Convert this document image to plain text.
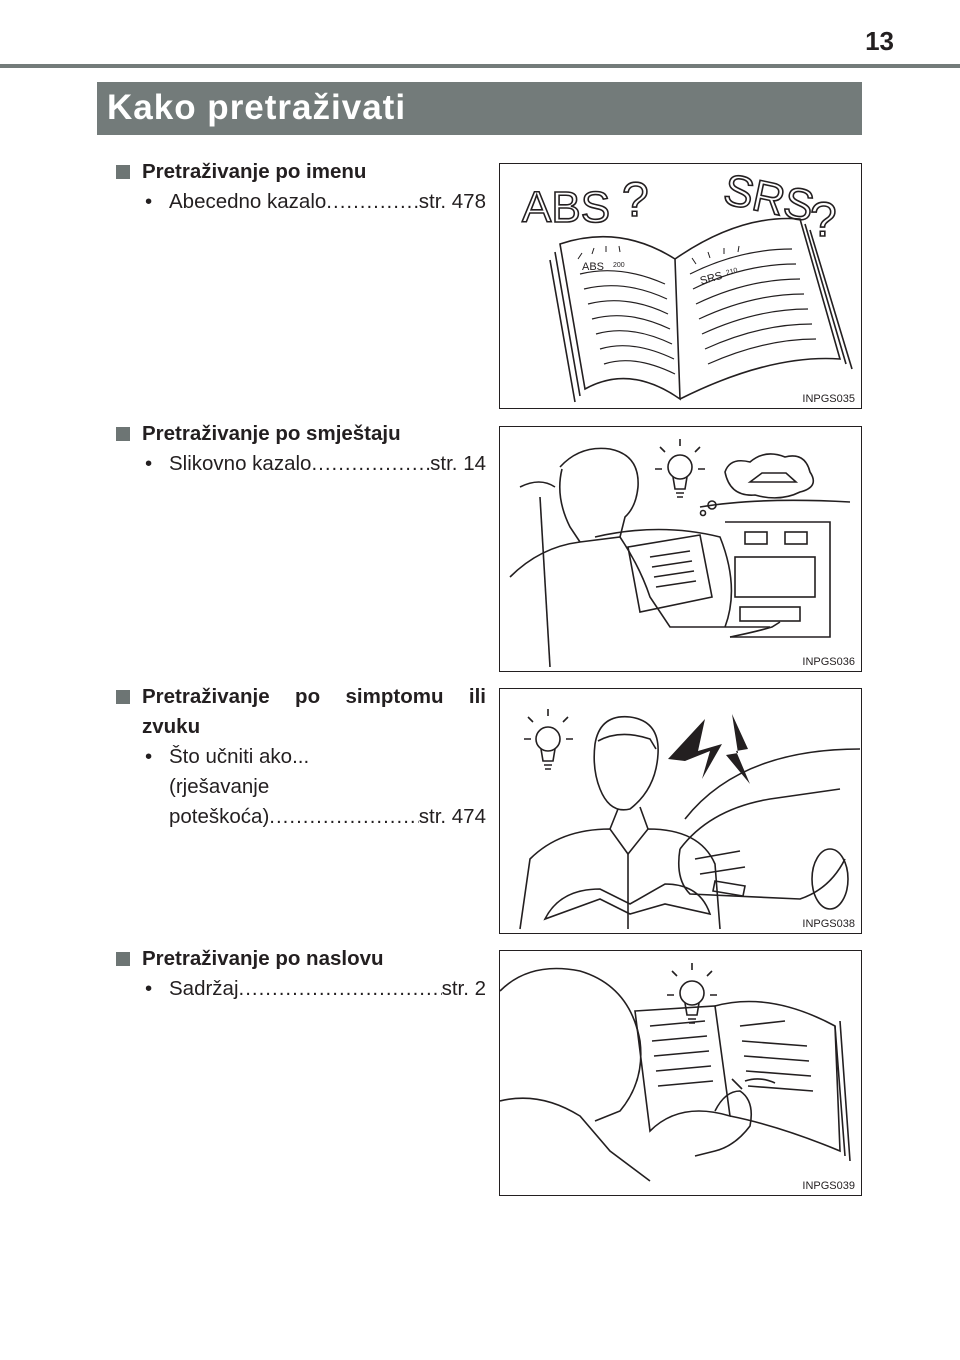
13
Kako pretraživati
Pretraživanje po imenu
• Abecedno kazalo .....	str. 478 ABS ? SRS
?
ABS 200
SRS 210
INPGS035
Pretraživanje po smještaju
• Slikovno kazalo .....	str. 14
INPGS036
Pretraživanje po simptomu ili zvuku
• Što učniti ako...
(rješavanje
poteškoća) .....	str. 474
INPGS038
Pretraživanje po naslovu
• Sadržaj .....	str. 2
INPGS039
